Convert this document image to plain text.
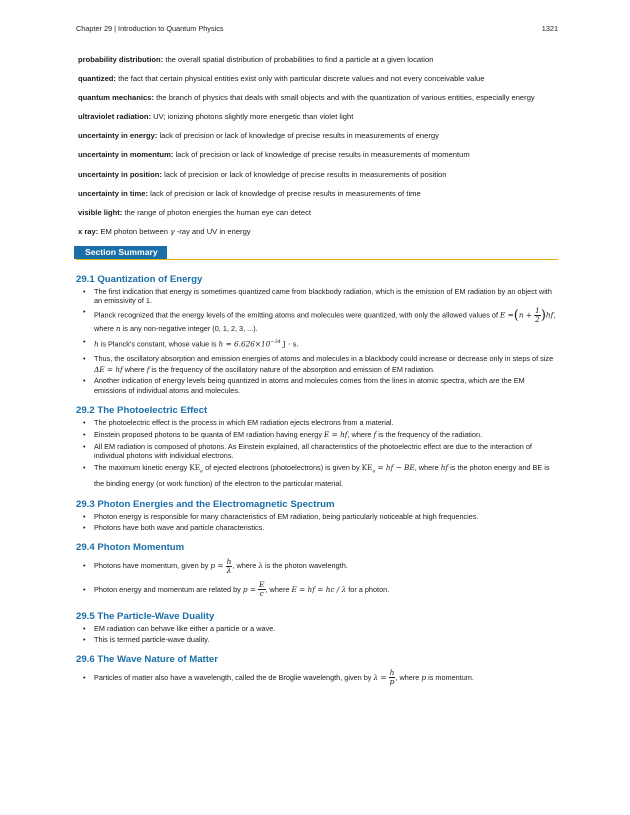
Chapter 29 | Introduction to Quantum Physics	1321
probability distribution: the overall spatial distribution of probabilities to find a particle at a given location
quantized: the fact that certain physical entities exist only with particular discrete values and not every conceivable value
quantum mechanics: the branch of physics that deals with small objects and with the quantization of various entities, especially energy
ultraviolet radiation: UV; ionizing photons slightly more energetic than violet light
uncertainty in energy: lack of precision or lack of knowledge of precise results in measurements of energy
uncertainty in momentum: lack of precision or lack of knowledge of precise results in measurements of momentum
uncertainty in position: lack of precision or lack of knowledge of precise results in measurements of position
uncertainty in time: lack of precision or lack of knowledge of precise results in measurements of time
visible light: the range of photon energies the human eye can detect
x ray: EM photon between γ -ray and UV in energy
Section Summary
29.1 Quantization of Energy
• The first indication that energy is sometimes quantized came from blackbody radiation, which is the emission of EM radiation by an object with an emissivity of 1.
• Planck recognized that the energy levels of the emitting atoms and molecules were quantized, with only the allowed values of $E =(n + \frac{1}{2} )hf$, where n is any non-negative integer (0, 1, 2, 3, ...).
• h is Planck's constant, whose value is $h = 6.626\times 10^{-34}$ J · s.
• Thus, the oscillatory absorption and emission energies of atoms and molecules in a blackbody could increase or decrease only in steps of size ΔE = hf where f is the frequency of the oscillatory nature of the absorption and emission of EM radiation.
• Another indication of energy levels being quantized in atoms and molecules comes from the lines in atomic spectra, which are the EM emissions of individual atoms and molecules.
29.2 The Photoelectric Effect
• The photoelectric effect is the process in which EM radiation ejects electrons from a material.
• Einstein proposed photons to be quanta of EM radiation having energy E = hf, where f is the frequency of the radiation.
• All EM radiation is composed of photons. As Einstein explained, all characteristics of the photoelectric effect are due to the interaction of individual photons with individual electrons.
• The maximum kinetic energy $KE_e$ of ejected electrons (photoelectrons) is given by $KE_e$ = hf − BE, where hf is the photon energy and BE is the binding energy (or work function) of the electron to the particular material.
29.3 Photon Energies and the Electromagnetic Spectrum
• Photon energy is responsible for many characteristics of EM radiation, being particularly noticeable at high frequencies.
• Photons have both wave and particle characteristics.
29.4 Photon Momentum
• Photons have momentum, given by $p = \frac{h}{\lambda}$ , where λ is the photon wavelength.
• Photon energy and momentum are related by $p = \frac{E}{c}$ , where E = hf = hc / λ for a photon.
29.5 The Particle-Wave Duality
• EM radiation can behave like either a particle or a wave.
• This is termed particle-wave duality.
29.6 The Wave Nature of Matter
• Particles of matter also have a wavelength, called the de Broglie wavelength, given by $\lambda = \frac{h}{p}$ , where p is momentum.
